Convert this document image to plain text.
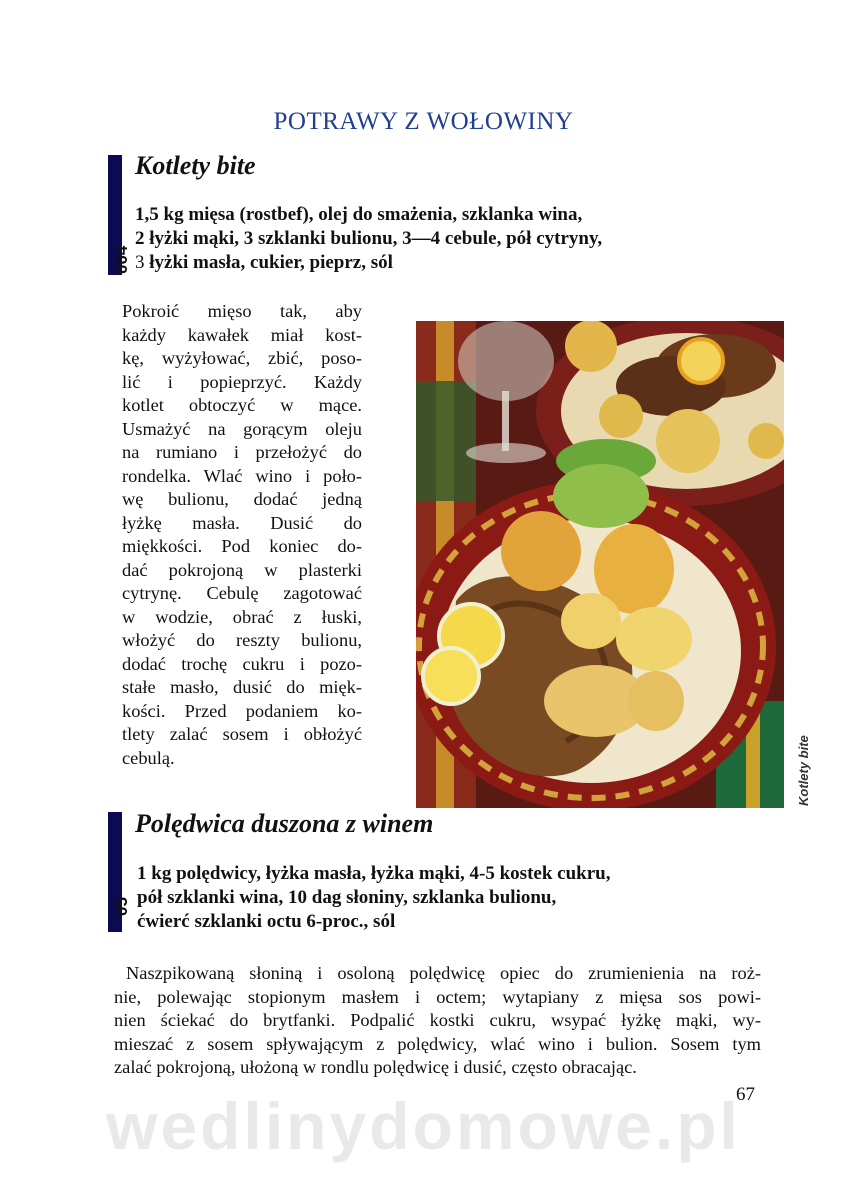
POTRAWY Z WOŁOWINY
004
Kotlety bite
1,5 kg mięsa (rostbef), olej do smażenia, szklanka wina,
2 łyżki mąki, 3 szklanki bulionu, 3—4 cebule, pół cytryny,
3 łyżki masła, cukier, pieprz, sól
Pokroić mięso tak, aby
każdy kawałek miał kost-
kę, wyżyłować, zbić, poso-
lić i popieprzyć. Każdy
kotlet obtoczyć w mące.
Usmażyć na gorącym oleju
na rumiano i przełożyć do
rondelka. Wlać wino i poło-
wę bulionu, dodać jedną
łyżkę masła. Dusić do
miękkości. Pod koniec do-
dać pokrojoną w plasterki
cytrynę. Cebulę zagotować
w wodzie, obrać z łuski,
włożyć do reszty bulionu,
dodać trochę cukru i pozo-
stałe masło, dusić do mięk-
kości. Przed podaniem ko-
tlety zalać sosem i obłożyć
cebulą.	Kotlety bite
05
Polędwica duszona z winem
1 kg polędwicy, łyżka masła, łyżka mąki, 4-5 kostek cukru,
pół szklanki wina, 10 dag słoniny, szklanka bulionu,
ćwierć szklanki octu 6-proc., sól
Naszpikowaną słoniną i osoloną polędwicę opiec do zrumienienia na roż-
nie, polewając stopionym masłem i octem; wytapiany z mięsa sos powi-
nien ściekać do brytfanki. Podpalić kostki cukru, wsypać łyżkę mąki, wy-
mieszać z sosem spływającym z polędwicy, wlać wino i bulion. Sosem tym
zalać pokrojoną, ułożoną w rondlu polędwicę i dusić, często obracając.
67
wedlinydomowe.pl
